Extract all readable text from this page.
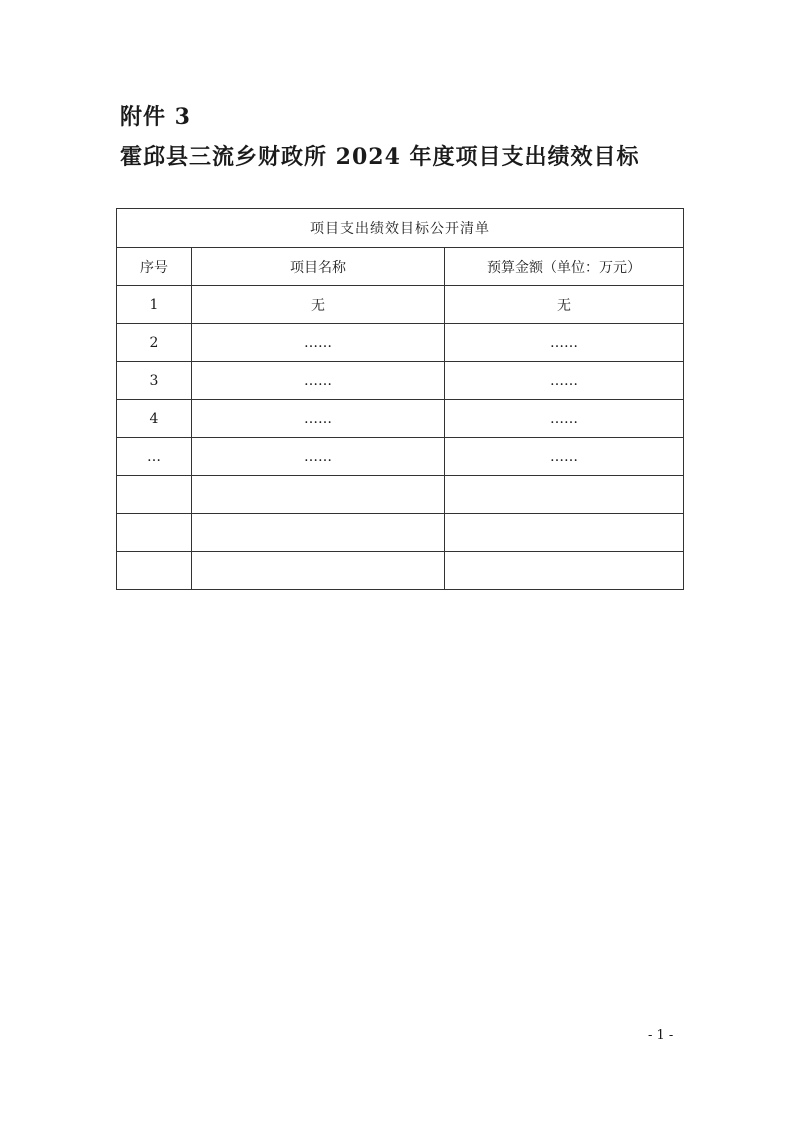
附件 3
霍邱县三流乡财政所 2024 年度项目支出绩效目标
项目支出绩效目标公开清单		
序号	项目名称	预算金额（单位：万元）
1	无	无
2	……	……
3	……	……
4	……	……
…	……	……

- 1 -
